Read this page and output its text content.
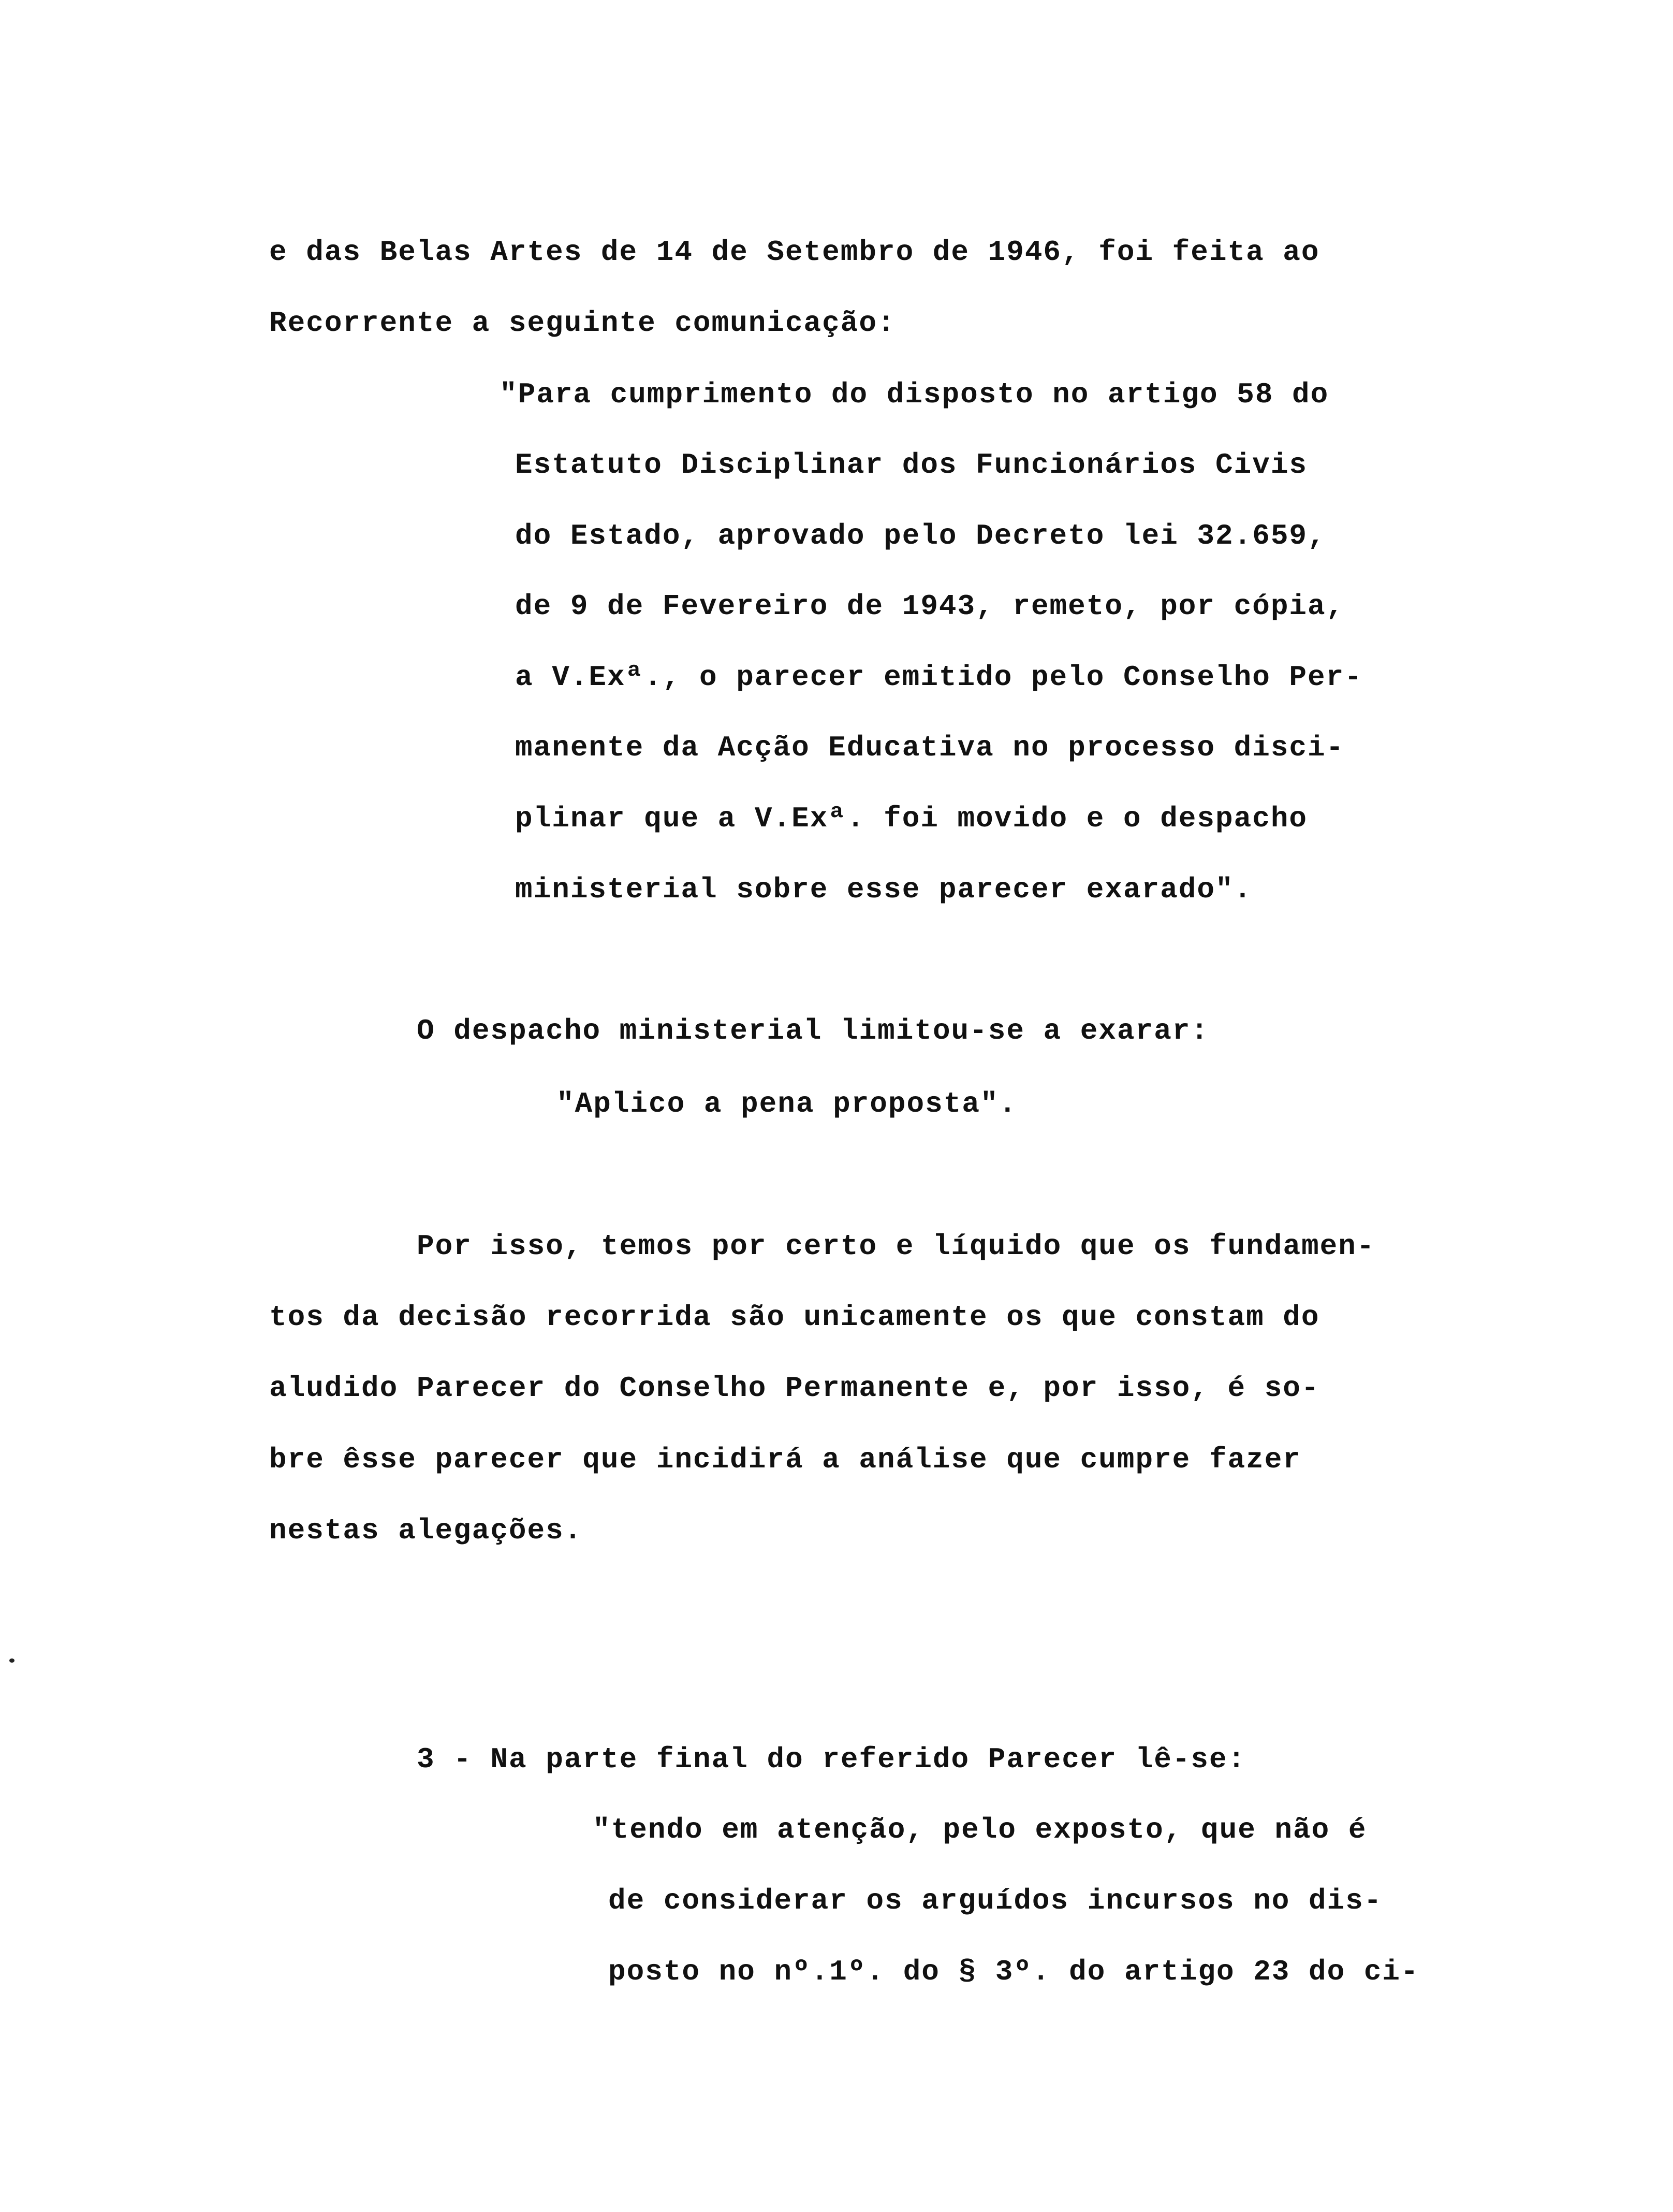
e das Belas Artes de 14 de Setembro de 1946, foi feita ao
Recorrente a seguinte comunicação:
"Para cumprimento do disposto no artigo 58 do
Estatuto Disciplinar dos Funcionários Civis
do Estado, aprovado pelo Decreto lei 32.659,
de 9 de Fevereiro de 1943, remeto, por cópia,
a V.Exª., o parecer emitido pelo Conselho Per-
manente da Acção Educativa no processo disci-
plinar que a V.Exª. foi movido e o despacho
ministerial sobre esse parecer exarado".
O despacho ministerial limitou-se a exarar:
"Aplico a pena proposta".
Por isso, temos por certo e líquido que os fundamen-
tos da decisão recorrida são unicamente os que constam do
aludido Parecer do Conselho Permanente e, por isso, é so-
bre êsse parecer que incidirá a análise que cumpre fazer
nestas alegações.
3 - Na parte final do referido Parecer lê-se:
"tendo em atenção, pelo exposto, que não é
de considerar os arguídos incursos no dis-
posto no nº.1º. do § 3º. do artigo 23 do ci-
